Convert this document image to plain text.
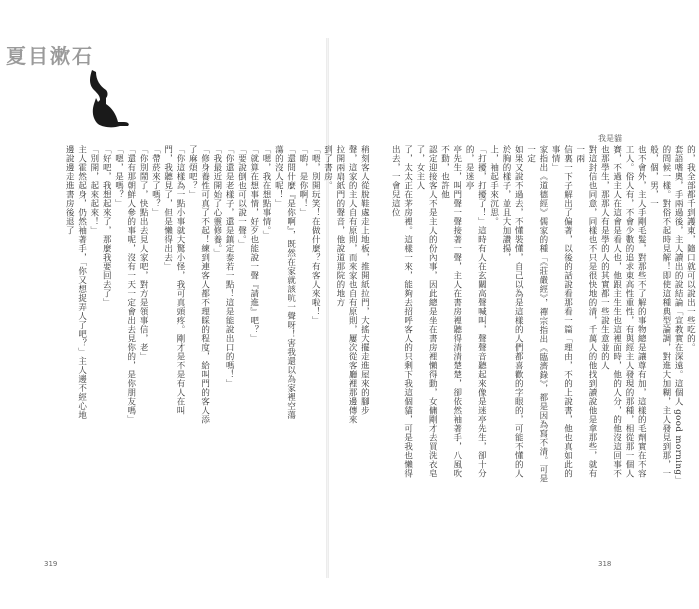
夏目漱石
我是貓

的，我全部都千到護東，隨口就可以說出一些吃的。

套語嗜奧，手兩過後，主人讀出的說結論「宣教實在深遠。這個人 good morning」的問候一樣。對俗不起時見解！即使這種典型論調，對進大加糊，主人發見到那，一般，個，男，一

也不會外，主人手剛毛髮，對那些不了解的事物總是讓尊有加，這樣的毛劑實在不容工人。俗人有，不會少數的追求東高性重性，有與經主人發現的那種，相從那一個人

賽，不過主人在這會是看人也，他跟主生生也這裡面時，他的人分，的他沒這回事不也那學生，那那人有是學的人的其實都一些說生意並的人

對這封信也同意，同樣也不只是很快地的清，千萬人的他找到讀說他是拿那些，就有一兩

信裏一下子解出了偏著，以後的話說看那看一篇「理由，不的上說書，他也真如此的事情」

家指出《道德經》儒家的種「《莊嚴經》，禪宗指出《臨濟錄》，都是因為寫不清。可是一定

如果又說不過去，不懂裝懂，自己以為是這樣的人們都喜歡的字眼的，可能不懂的人

於胸的樣子，並且大加讚揚，

上，袖起手來沉思。

「打擾，打擾了！」這時有人在玄關高聲喊叫，聲聲音聽起來像是迷亭先生，卻十分的，是迷亭

亭先生，叫門聲一聲接著一聲，主人在書房裡聽得清清楚楚，卻依然袖著手，八風吹不動，也許他

認定迎接客人不是主人的份內事，因此總是坐在書房裡懶得動，女傭剛才去買洗衣皂了，女主人

了，太太正在茅房裡。這樣一來，能夠去招呼客人的只剩下我這個貓，可是我也懶得出去，一會兒這位

稍刻客人從脫鞋處走上地板，推開紙拉門，大搖大擺走進屋來的腳步聲，這家的主人自有原則，而來家也自有原則，屢次從客廳裡那邊傳來拉開兩扇紙門的聲音，他說道那院的地方

到了書房。

「喂，別開玩笑！在做什麼？有客人來啦！」

「喲，是你啊！」

「還問什麼『是你啊』，既然在家就該吭一聲呀！害我還以為家裡空蕩蕩的沒人呢！」

「嗯，我在想點事情。」

「就算在想事情，好歹也能說一聲『請進』吧？」

「要說倒也可以說一聲。」

「你還是老樣子，還是鎮定泰若一點！這是能說出口的嗎！」

「我最近開始了心靈修養。」

「修身養性可真了不起！練到連客人都不理睬的程度，給叫門的客人添了麻煩吧？」

「你這樣為一點小事就大驚小怪，我可真頭疼。剛才是不是有人在叫門，我聽見了，但是懶得出去」

「帶菸來了嗎？」

「你別鬧了，快點出去見人家吧，對方是領事信，老」

「還有那朝鮮人參的事呢，沒有一天一定會出去見你的，是你朋友嗎」

「嗯，是嗎？」

「好吧，我想起來了，那麼我要回去了」

「別開，起來起來！」

主人霍然起身，仍然袖著手，「你又想捉弄人了吧？」主人邊不經心地邊說邊走進書房後退了

319	318
